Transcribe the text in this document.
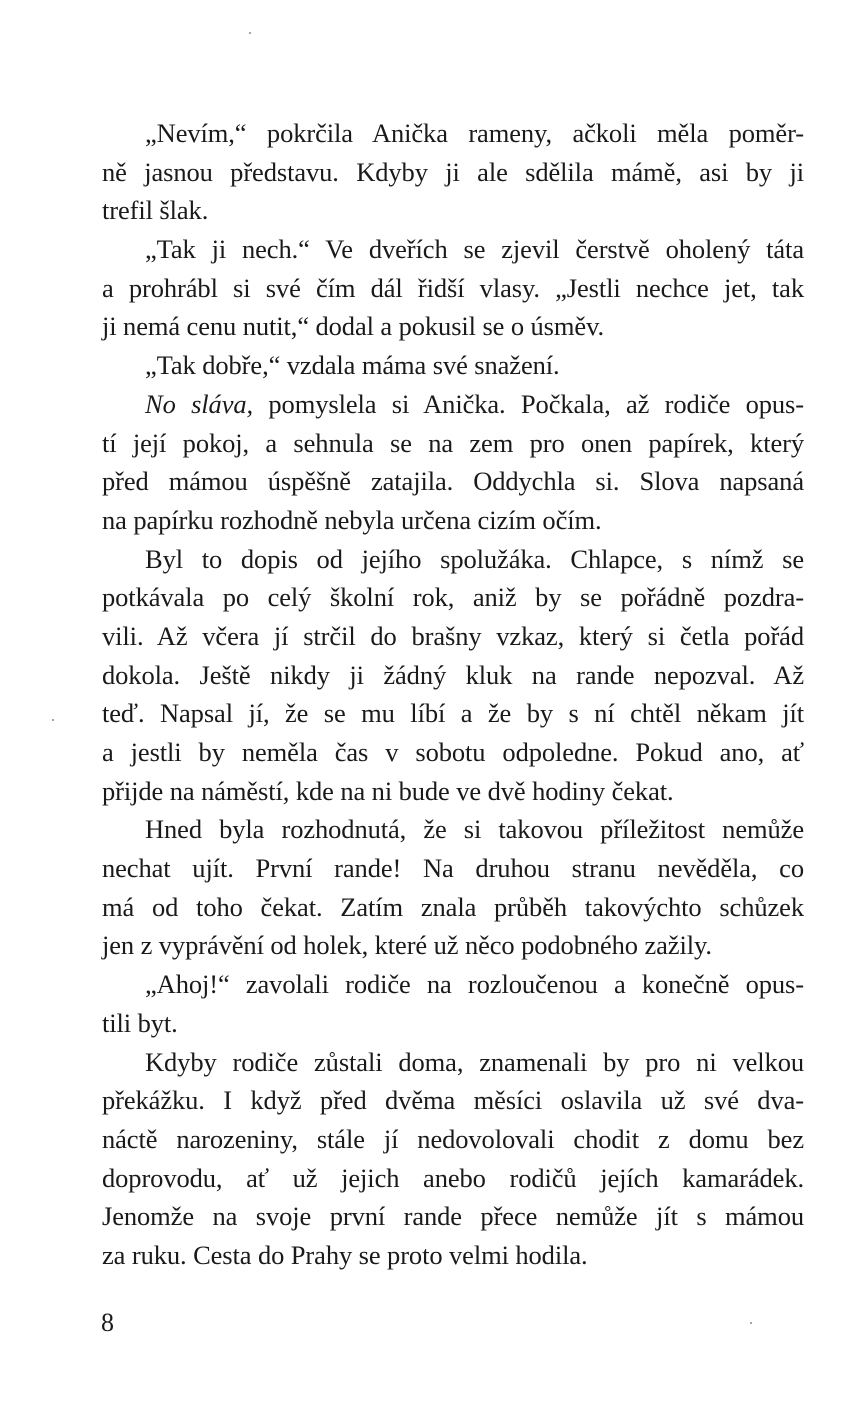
„Nevím,“ pokrčila Anička rameny, ačkoli měla poměr-
ně jasnou představu. Kdyby ji ale sdělila mámě, asi by ji
trefil šlak.
„Tak ji nech.“ Ve dveřích se zjevil čerstvě oholený táta
a prohrábl si své čím dál řidší vlasy. „Jestli nechce jet, tak
ji nemá cenu nutit,“ dodal a pokusil se o úsměv.
„Tak dobře,“ vzdala máma své snažení.
No sláva, pomyslela si Anička. Počkala, až rodiče opus-
tí její pokoj, a sehnula se na zem pro onen papírek, který
před mámou úspěšně zatajila. Oddychla si. Slova napsaná
na papírku rozhodně nebyla určena cizím očím.
Byl to dopis od jejího spolužáka. Chlapce, s nímž se
potkávala po celý školní rok, aniž by se pořádně pozdra-
vili. Až včera jí strčil do brašny vzkaz, který si četla pořád
dokola. Ještě nikdy ji žádný kluk na rande nepozval. Až
teď. Napsal jí, že se mu líbí a že by s ní chtěl někam jít
a jestli by neměla čas v sobotu odpoledne. Pokud ano, ať
přijde na náměstí, kde na ni bude ve dvě hodiny čekat.
Hned byla rozhodnutá, že si takovou příležitost nemůže
nechat ujít. První rande! Na druhou stranu nevěděla, co
má od toho čekat. Zatím znala průběh takovýchto schůzek
jen z vyprávění od holek, které už něco podobného zažily.
„Ahoj!“ zavolali rodiče na rozloučenou a konečně opus-
tili byt.
Kdyby rodiče zůstali doma, znamenali by pro ni velkou
překážku. I když před dvěma měsíci oslavila už své dva-
náctě narozeniny, stále jí nedovolovali chodit z domu bez
doprovodu, ať už jejich anebo rodičů jejích kamarádek.
Jenomže na svoje první rande přece nemůže jít s mámou
za ruku. Cesta do Prahy se proto velmi hodila.
8
